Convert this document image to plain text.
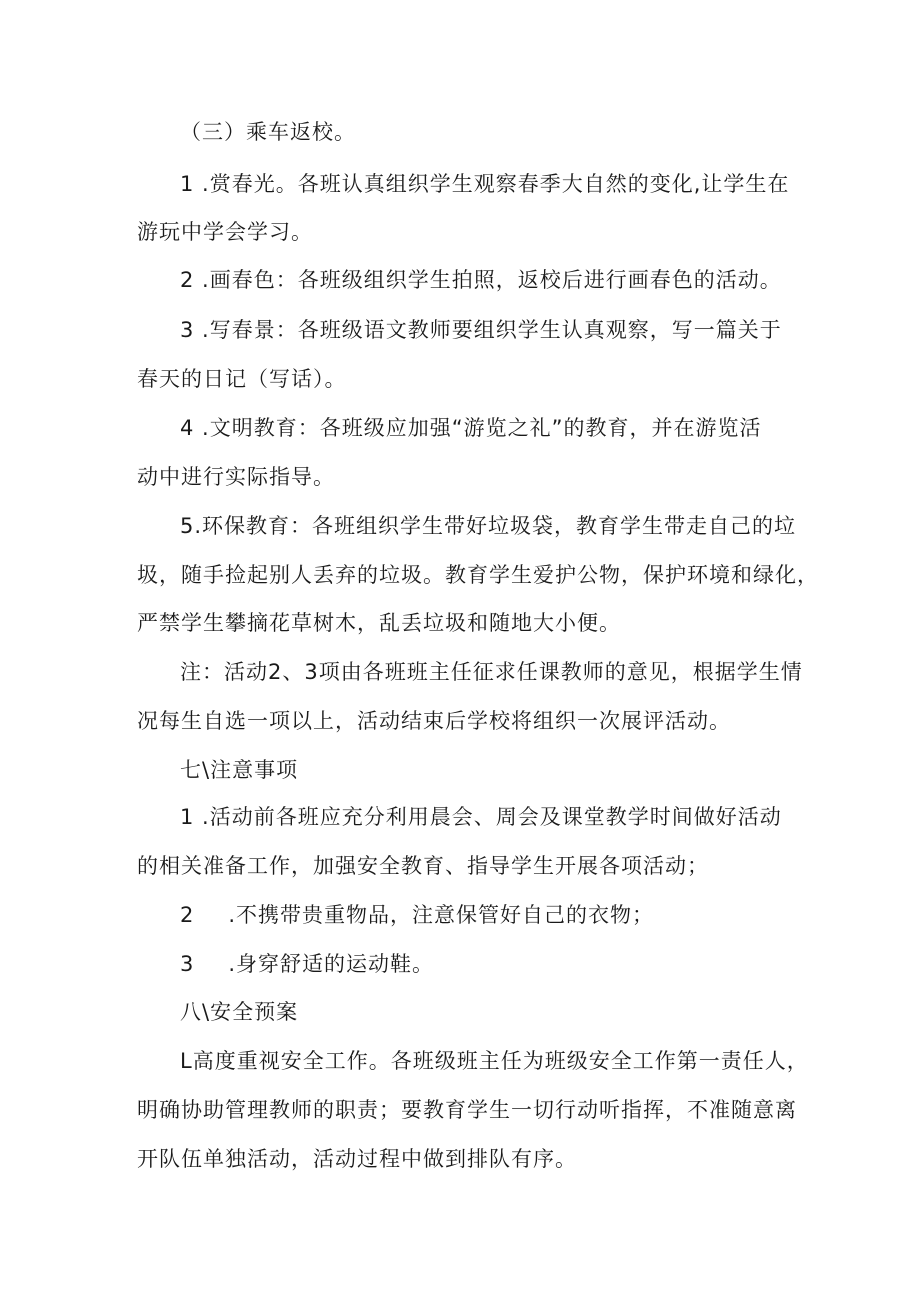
（三）乘车返校。
1 .赏春光。各班认真组织学生观察春季大自然的变化,让学生在
游玩中学会学习。
2 .画春色：各班级组织学生拍照，返校后进行画春色的活动。
3 .写春景：各班级语文教师要组织学生认真观察，写一篇关于
春天的日记（写话）。
4 .文明教育：各班级应加强“游览之礼”的教育，并在游览活
动中进行实际指导。
5.环保教育：各班组织学生带好垃圾袋，教育学生带走自己的垃
圾，随手捡起别人丢弃的垃圾。教育学生爱护公物，保护环境和绿化，
严禁学生攀摘花草树木，乱丢垃圾和随地大小便。
注：活动2、3项由各班班主任征求任课教师的意见，根据学生情
况每生自选一项以上，活动结束后学校将组织一次展评活动。
七\注意事项
1 .活动前各班应充分利用晨会、周会及课堂教学时间做好活动
的相关准备工作，加强安全教育、指导学生开展各项活动；
2 .不携带贵重物品，注意保管好自己的衣物；
3 .身穿舒适的运动鞋。
八\安全预案
L高度重视安全工作。各班级班主任为班级安全工作第一责任人，
明确协助管理教师的职责；要教育学生一切行动听指挥，不准随意离
开队伍单独活动，活动过程中做到排队有序。
